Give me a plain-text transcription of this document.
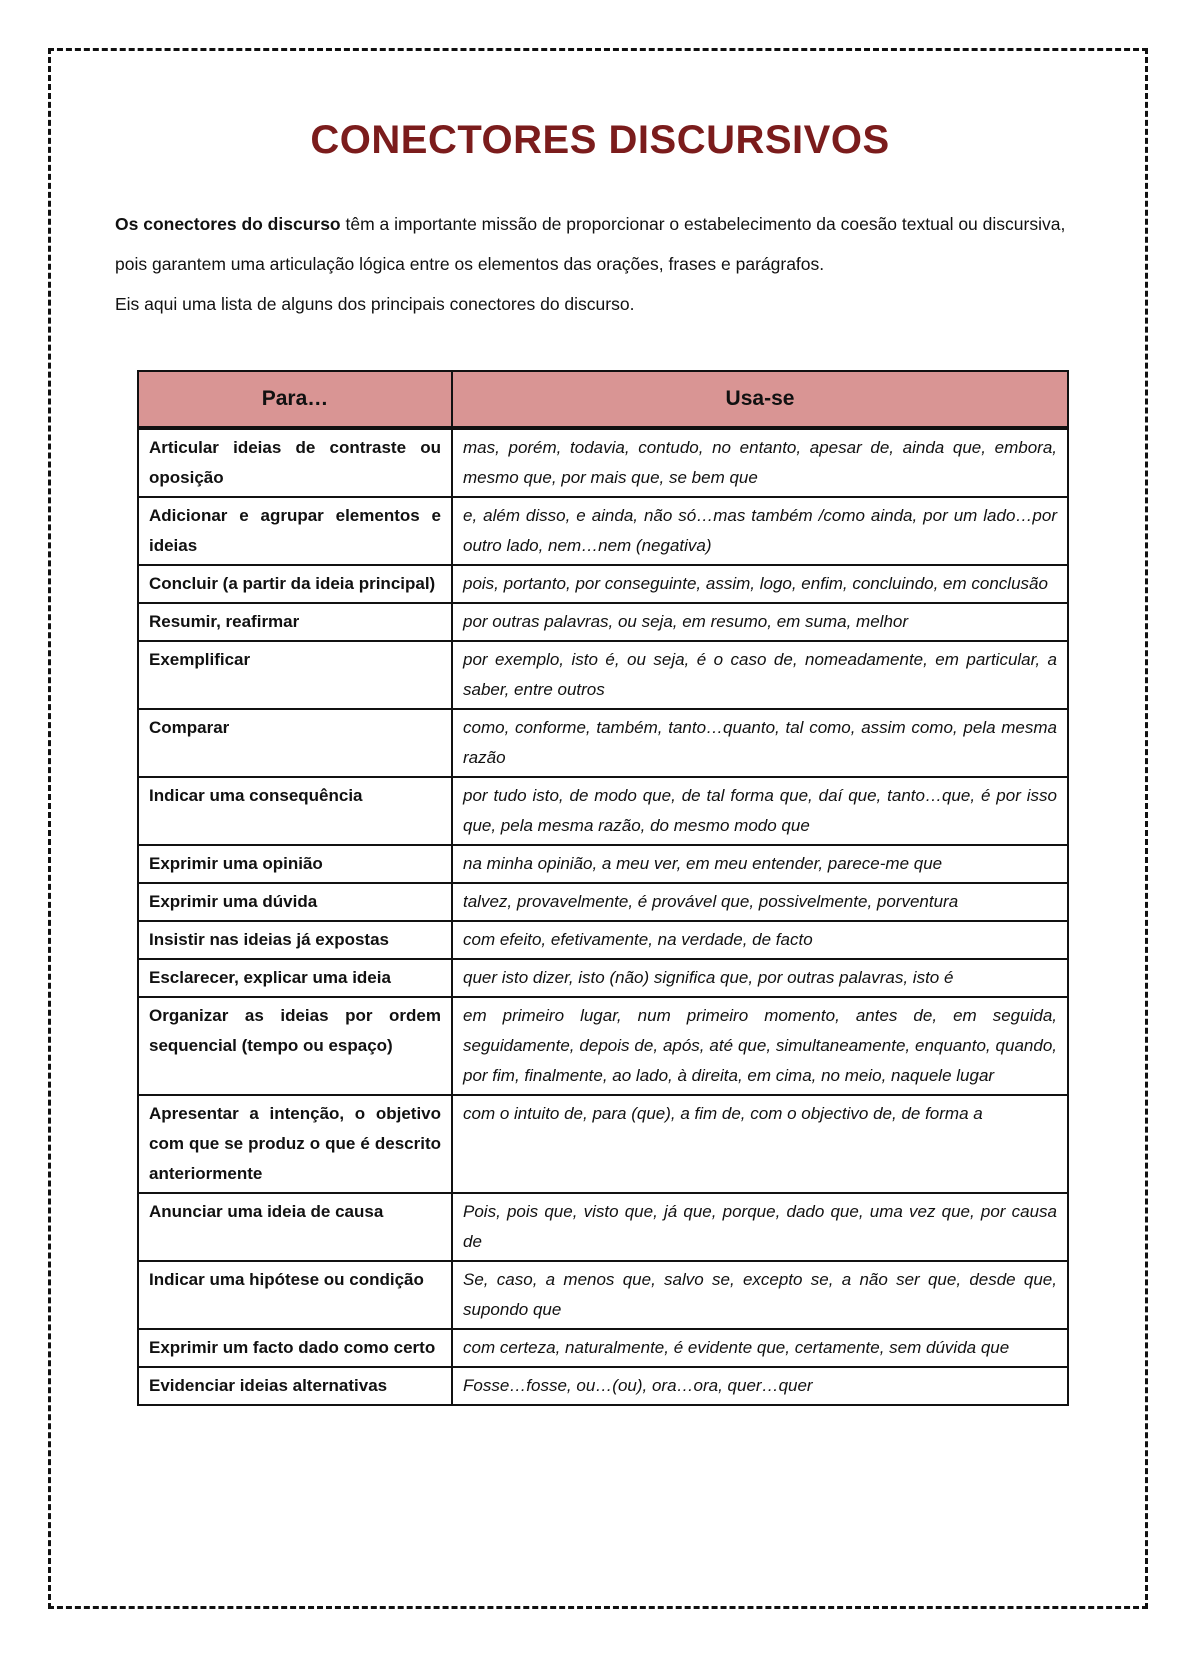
CONECTORES DISCURSIVOS

Os conectores do discurso têm a importante missão de proporcionar o estabelecimento da coesão textual ou discursiva, pois garantem uma articulação lógica entre os elementos das orações, frases e parágrafos.

Eis aqui uma lista de alguns dos principais conectores do discurso.

Para…	Usa-se
Articular ideias de contraste ou oposição	mas, porém, todavia, contudo, no entanto, apesar de, ainda que, embora, mesmo que, por mais que, se bem que
Adicionar e agrupar elementos e ideias	e, além disso, e ainda, não só…mas também /como ainda, por um lado…por outro lado, nem…nem (negativa)
Concluir (a partir da ideia principal)	pois, portanto, por conseguinte, assim, logo, enfim, concluindo, em conclusão
Resumir, reafirmar	por outras palavras, ou seja, em resumo, em suma, melhor
Exemplificar	por exemplo, isto é, ou seja, é o caso de, nomeadamente, em particular, a saber, entre outros
Comparar	como, conforme, também, tanto…quanto, tal como, assim como, pela mesma razão
Indicar uma consequência	por tudo isto, de modo que, de tal forma que, daí que, tanto…que, é por isso que, pela mesma razão, do mesmo modo que
Exprimir uma opinião	na minha opinião, a meu ver, em meu entender, parece-me que
Exprimir uma dúvida	talvez, provavelmente, é provável que, possivelmente, porventura
Insistir nas ideias já expostas	com efeito, efetivamente, na verdade, de facto
Esclarecer, explicar uma ideia	quer isto dizer, isto (não) significa que, por outras palavras, isto é
Organizar as ideias por ordem sequencial (tempo ou espaço)	em primeiro lugar, num primeiro momento, antes de, em seguida, seguidamente, depois de, após, até que, simultaneamente, enquanto, quando, por fim, finalmente, ao lado, à direita, em cima, no meio, naquele lugar
Apresentar a intenção, o objetivo com que se produz o que é descrito anteriormente	com o intuito de, para (que), a fim de, com o objectivo de, de forma a
Anunciar uma ideia de causa	Pois, pois que, visto que, já que, porque, dado que, uma vez que, por causa de
Indicar uma hipótese ou condição	Se, caso, a menos que, salvo se, excepto se, a não ser que, desde que, supondo que
Exprimir um facto dado como certo	com certeza, naturalmente, é evidente que, certamente, sem dúvida que
Evidenciar ideias alternativas	Fosse…fosse, ou…(ou), ora…ora, quer…quer
